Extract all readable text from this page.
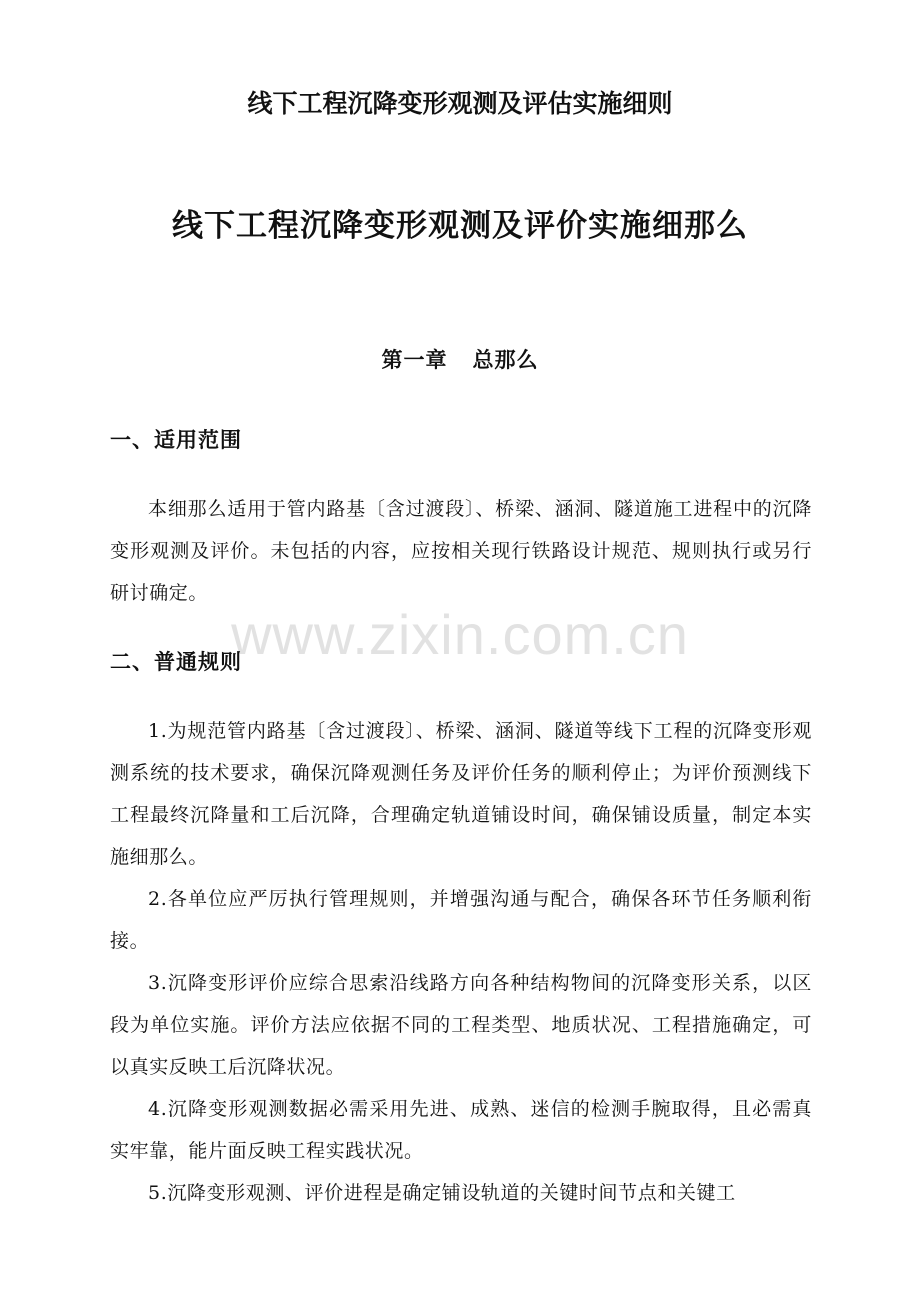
线下工程沉降变形观测及评估实施细则
线下工程沉降变形观测及评价实施细那么
第一章   总那么
一、适用范围
本细那么适用于管内路基〔含过渡段〕、桥梁、涵洞、隧道施工进程中的沉降变形观测及评价。未包括的内容，应按相关现行铁路设计规范、规则执行或另行研讨确定。
www.zixin.com.cn
二、普通规则
1.为规范管内路基〔含过渡段〕、桥梁、涵洞、隧道等线下工程的沉降变形观测系统的技术要求，确保沉降观测任务及评价任务的顺利停止；为评价预测线下工程最终沉降量和工后沉降，合理确定轨道铺设时间，确保铺设质量，制定本实施细那么。
2.各单位应严厉执行管理规则，并增强沟通与配合，确保各环节任务顺利衔接。
3.沉降变形评价应综合思索沿线路方向各种结构物间的沉降变形关系，以区段为单位实施。评价方法应依据不同的工程类型、地质状况、工程措施确定，可以真实反映工后沉降状况。
4.沉降变形观测数据必需采用先进、成熟、迷信的检测手腕取得，且必需真实牢靠，能片面反映工程实践状况。
5.沉降变形观测、评价进程是确定铺设轨道的关键时间节点和关键工
